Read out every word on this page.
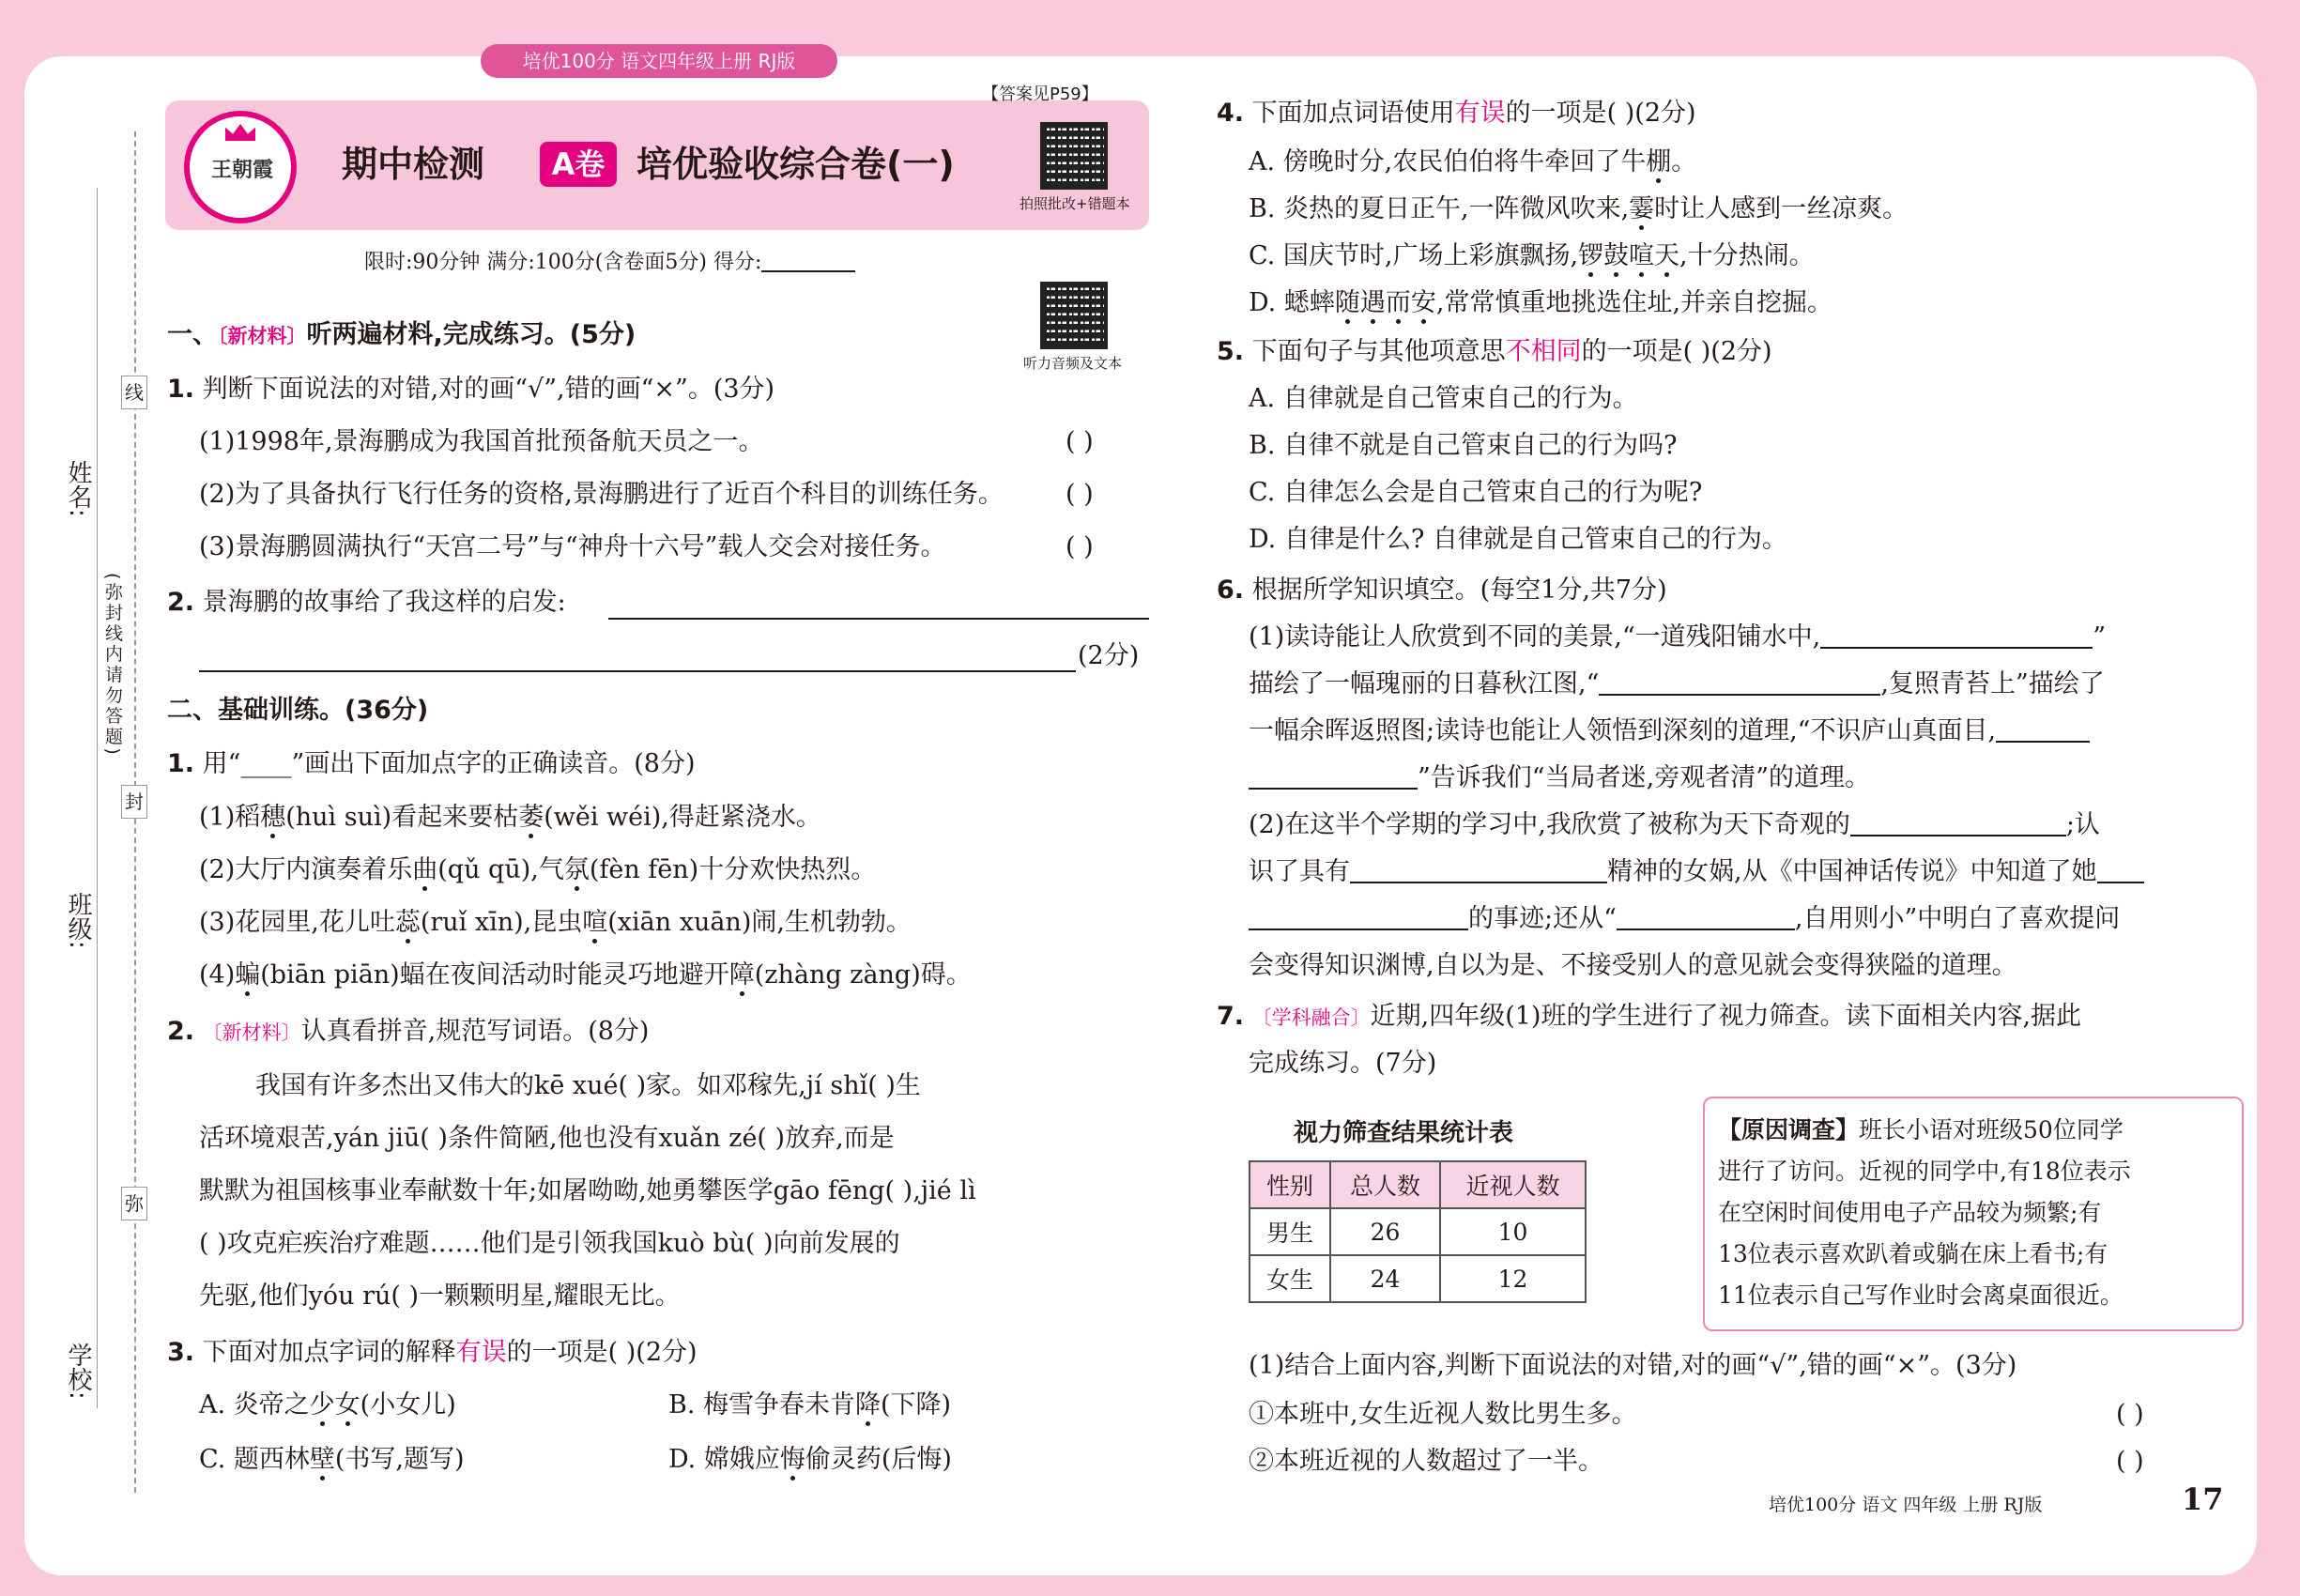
培优100分 语文四年级上册 RJ版
线
封
弥
姓名:
班级:
学校:
(弥封线内请勿答题)
王朝霞	期中检测	A卷 培优验收综合卷(一)
【答案见P59】
拍照批改+错题本
限时:90分钟 满分:100分(含卷面5分) 得分:
听力音频及文本
一、〔新材料〕听两遍材料,完成练习。(5分)
1. 判断下面说法的对错,对的画“√”,错的画“×”。(3分)
(1)1998年,景海鹏成为我国首批预备航天员之一。	( )
(2)为了具备执行飞行任务的资格,景海鹏进行了近百个科目的训练任务。 ( )
(3)景海鹏圆满执行“天宫二号”与“神舟十六号”载人交会对接任务。	( )
2. 景海鹏的故事给了我这样的启发:
(2分)
二、基础训练。(36分)
1. 用“____”画出下面加点字的正确读音。(8分)
(1)稻穗(huì suì)看起来要枯萎(wěi wéi),得赶紧浇水。
(2)大厅内演奏着乐曲(qǔ qū),气氛(fèn fēn)十分欢快热烈。
(3)花园里,花儿吐蕊(ruǐ xīn),昆虫喧(xiān xuān)闹,生机勃勃。
(4)蝙(biān piān)蝠在夜间活动时能灵巧地避开障(zhàng zàng)碍。
2. 〔新材料〕认真看拼音,规范写词语。(8分)
我国有许多杰出又伟大的kē xué( )家。如邓稼先,jí shǐ( )生
活环境艰苦,yán jiū( )条件简陋,他也没有xuǎn zé( )放弃,而是
默默为祖国核事业奉献数十年;如屠呦呦,她勇攀医学gāo fēng( ),jié lì
( )攻克疟疾治疗难题……他们是引领我国kuò bù( )向前发展的
先驱,他们yóu rú( )一颗颗明星,耀眼无比。
3. 下面对加点字词的解释有误的一项是( )(2分)
A. 炎帝之少女(小女儿)	B. 梅雪争春未肯降(下降)
C. 题西林壁(书写,题写)	D. 嫦娥应悔偷灵药(后悔)
4. 下面加点词语使用有误的一项是( )(2分)
A. 傍晚时分,农民伯伯将牛牵回了牛棚。
B. 炎热的夏日正午,一阵微风吹来,霎时让人感到一丝凉爽。
C. 国庆节时,广场上彩旗飘扬,锣鼓喧天,十分热闹。
D. 蟋蟀随遇而安,常常慎重地挑选住址,并亲自挖掘。
5. 下面句子与其他项意思不相同的一项是( )(2分)
A. 自律就是自己管束自己的行为。
B. 自律不就是自己管束自己的行为吗?
C. 自律怎么会是自己管束自己的行为呢?
D. 自律是什么? 自律就是自己管束自己的行为。
6. 根据所学知识填空。(每空1分,共7分)
(1)读诗能让人欣赏到不同的美景,“一道残阳铺水中,	”
描绘了一幅瑰丽的日暮秋江图,“	,复照青苔上”描绘了
一幅余晖返照图;读诗也能让人领悟到深刻的道理,“不识庐山真面目,
”告诉我们“当局者迷,旁观者清”的道理。
(2)在这半个学期的学习中,我欣赏了被称为天下奇观的	;认
识了具有	精神的女娲,从《中国神话传说》中知道了她
的事迹;还从“	,自用则小”中明白了喜欢提问
会变得知识渊博,自以为是、不接受别人的意见就会变得狭隘的道理。
7. 〔学科融合〕近期,四年级(1)班的学生进行了视力筛查。读下面相关内容,据此
完成练习。(7分)
视力筛查结果统计表
性别	总人数	近视人数
男生	26	10
女生	24	12
【原因调查】班长小语对班级50位同学
进行了访问。近视的同学中,有18位表示
在空闲时间使用电子产品较为频繁;有
13位表示喜欢趴着或躺在床上看书;有
11位表示自己写作业时会离桌面很近。
(1)结合上面内容,判断下面说法的对错,对的画“√”,错的画“×”。(3分)
①本班中,女生近视人数比男生多。	( )
②本班近视的人数超过了一半。	( )
培优100分 语文 四年级 上册 RJ版	17
